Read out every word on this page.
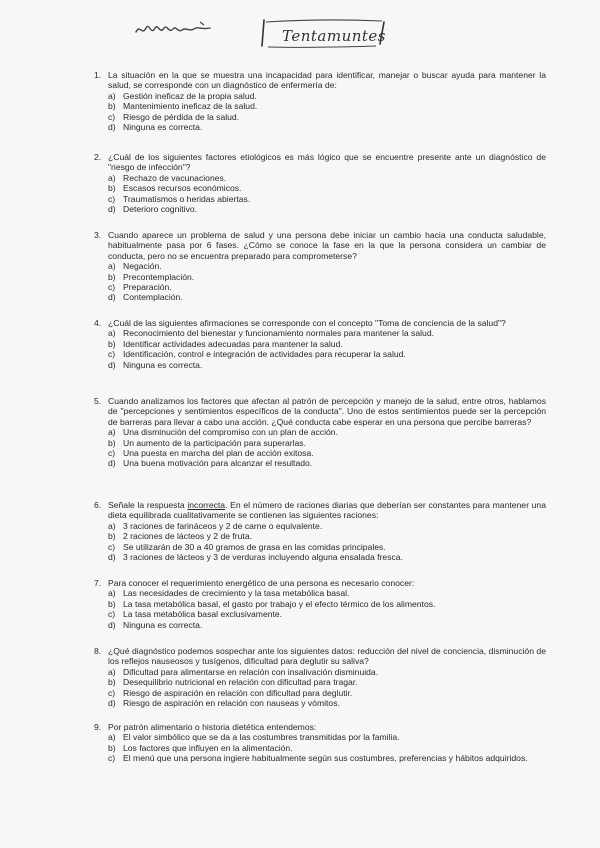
Tentamuntes
1. La situación en la que se muestra una incapacidad para identificar, manejar o buscar ayuda para mantener la salud, se corresponde con un diagnóstico de enfermería de:
a) Gestión ineficaz de la propia salud.
b) Mantenimiento ineficaz de la salud.
c) Riesgo de pérdida de la salud.
d) Ninguna es correcta.
2. ¿Cuál de los siguientes factores etiológicos es más lógico que se encuentre presente ante un diagnóstico de "riesgo de infección"?
a) Rechazo de vacunaciones.
b) Escasos recursos económicos.
c) Traumatismos o heridas abiertas.
d) Deterioro cognitivo.
3. Cuando aparece un problema de salud y una persona debe iniciar un cambio hacia una conducta saludable, habitualmente pasa por 6 fases. ¿Cómo se conoce la fase en la que la persona considera un cambiar de conducta, pero no se encuentra preparado para comprometerse?
a) Negación.
b) Precontemplación.
c) Preparación.
d) Contemplación.
4. ¿Cuál de las siguientes afirmaciones se corresponde con el concepto "Toma de conciencia de la salud"?
a) Reconocimiento del bienestar y funcionamiento normales para mantener la salud.
b) Identificar actividades adecuadas para mantener la salud.
c) Identificación, control e integración de actividades para recuperar la salud.
d) Ninguna es correcta.
5. Cuando analizamos los factores que afectan al patrón de percepción y manejo de la salud, entre otros, hablamos de "percepciones y sentimientos específicos de la conducta". Uno de estos sentimientos puede ser la percepción de barreras para llevar a cabo una acción. ¿Qué conducta cabe esperar en una persona que percibe barreras?
a) Una disminución del compromiso con un plan de acción.
b) Un aumento de la participación para superarlas.
c) Una puesta en marcha del plan de acción exitosa.
d) Una buena motivación para alcanzar el resultado.
6. Señale la respuesta incorrecta. En el número de raciones diarias que deberían ser constantes para mantener una dieta equilibrada cualitativamente se contienen las siguientes raciones:
a) 3 raciones de farináceos y 2 de carne o equivalente.
b) 2 raciones de lácteos y 2 de fruta.
c) Se utilizarán de 30 a 40 gramos de grasa en las comidas principales.
d) 3 raciones de lácteos y 3 de verduras incluyendo alguna ensalada fresca.
7. Para conocer el requerimiento energético de una persona es necesario conocer:
a) Las necesidades de crecimiento y la tasa metabólica basal.
b) La tasa metabólica basal, el gasto por trabajo y el efecto térmico de los alimentos.
c) La tasa metabólica basal exclusivamente.
d) Ninguna es correcta.
8. ¿Qué diagnóstico podemos sospechar ante los siguientes datos: reducción del nivel de conciencia, disminución de los reflejos nauseosos y tusígenos, dificultad para deglutir su saliva?
a) Dificultad para alimentarse en relación con insalivación disminuida.
b) Desequilibrio nutricional en relación con dificultad para tragar.
c) Riesgo de aspiración en relación con dificultad para deglutir.
d) Riesgo de aspiración en relación con nauseas y vómitos.
9. Por patrón alimentario o historia dietética entendemos:
a) El valor simbólico que se da a las costumbres transmitidas por la familia.
b) Los factores que influyen en la alimentación.
c) El menú que una persona ingiere habitualmente según sus costumbres, preferencias y hábitos adquiridos.
